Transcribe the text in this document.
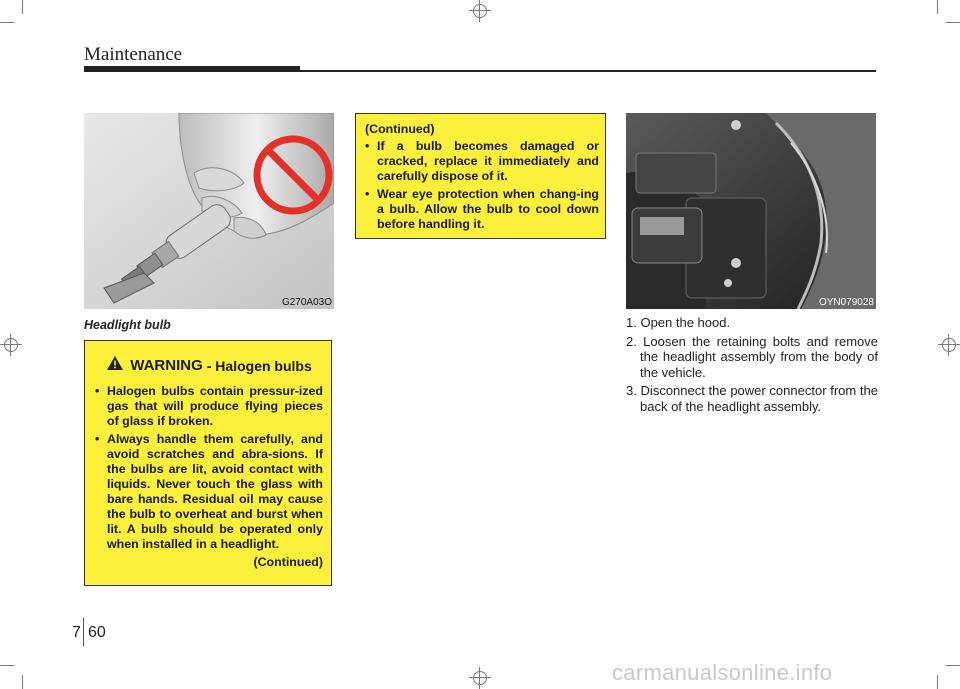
Maintenance
G270A03O
Headlight bulb
WARNING - Halogen bulbs
• Halogen bulbs contain pressur-ized gas that will produce flying pieces of glass if broken.
• Always handle them carefully, and avoid scratches and abra-sions. If the bulbs are lit, avoid contact with liquids. Never touch the glass with bare hands. Residual oil may cause the bulb to overheat and burst when lit. A bulb should be operated only when installed in a headlight.
(Continued)
(Continued)
• If a bulb becomes damaged or cracked, replace it immediately and carefully dispose of it.
• Wear eye protection when chang-ing a bulb. Allow the bulb to cool down before handling it.
OYN079028
1. Open the hood.
2. Loosen the retaining bolts and remove the headlight assembly from the body of the vehicle.
3. Disconnect the power connector from the back of the headlight assembly.
7 60
carmanualsonline.info
